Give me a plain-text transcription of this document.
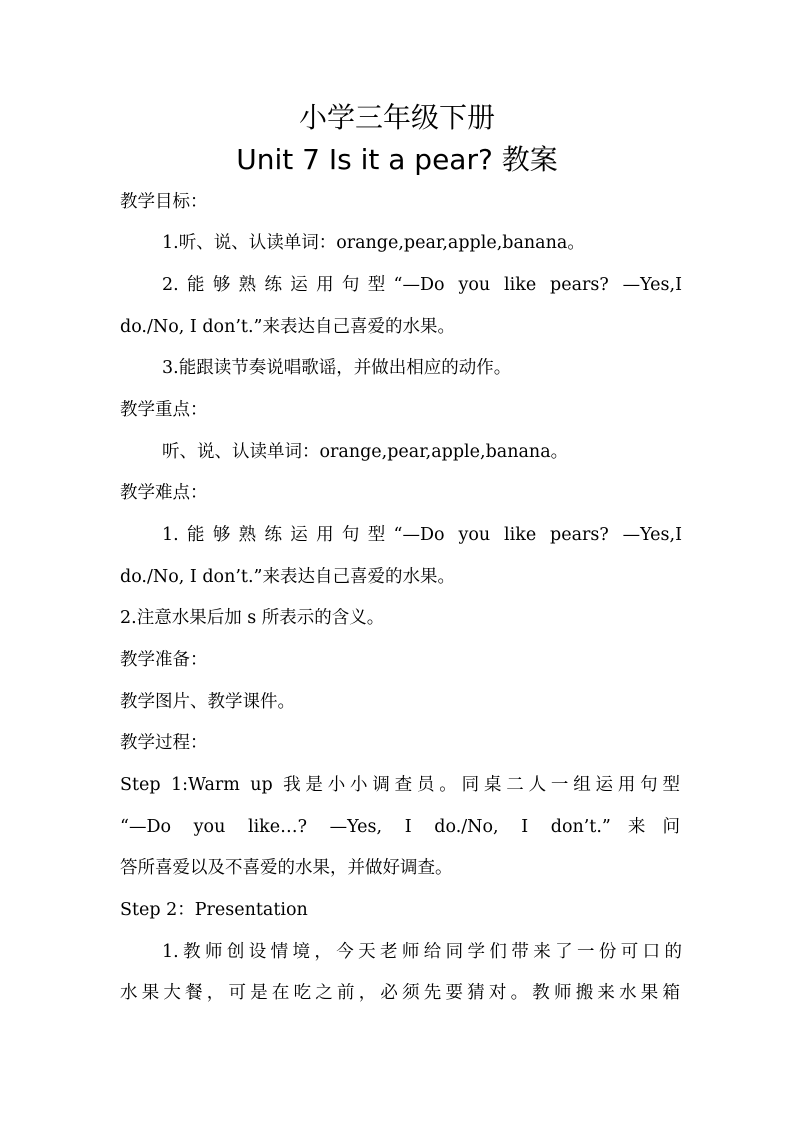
小学三年级下册
Unit 7 Is it a pear? 教案
教学目标：
1.听、说、认读单词：orange,pear,apple,banana。
2.能够熟练运用句型“—Do you like pears? —Yes,I
do./No, I don’t.”来表达自己喜爱的水果。
3.能跟读节奏说唱歌谣，并做出相应的动作。
教学重点：
听、说、认读单词：orange,pear,apple,banana。
教学难点：
1.能够熟练运用句型“—Do you like pears? —Yes,I
do./No, I don’t.”来表达自己喜爱的水果。
2.注意水果后加 s 所表示的含义。
教学准备：
教学图片、教学课件。
教学过程：
Step 1:Warm up 我是小小调查员。同桌二人一组运用句型
“—Do you like…? —Yes, I do./No, I don’t.”来问
答所喜爱以及不喜爱的水果，并做好调查。
Step 2：Presentation
1.教师创设情境，今天老师给同学们带来了一份可口的
水果大餐，可是在吃之前，必须先要猜对。教师搬来水果箱
